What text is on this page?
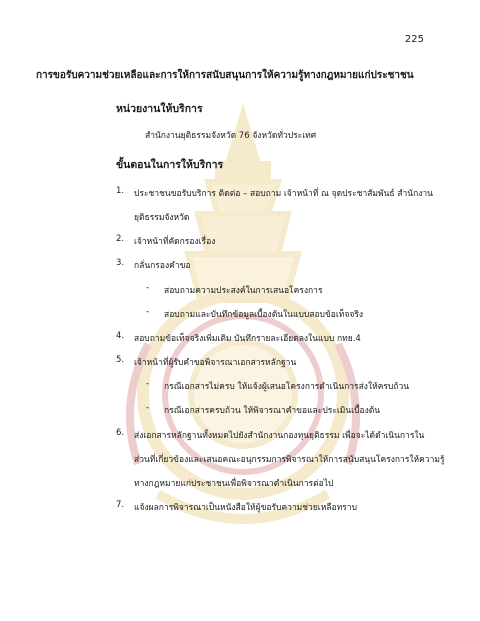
225
การขอรับความช่วยเหลือและการให้การสนับสนุนการให้ความรู้ทางกฎหมายแก่ประชาชน
หน่วยงานให้บริการ
สำนักงานยุติธรรมจังหวัด 76 จังหวัดทั่วประเทศ
ขั้นตอนในการให้บริการ
1. ประชาชนขอรับบริการ ติดต่อ – สอบถาม เจ้าหน้าที่ ณ จุดประชาสัมพันธ์ สำนักงาน
ยุติธรรมจังหวัด
2. เจ้าหน้าที่คัดกรองเรื่อง
3. กลั่นกรองคำขอ
- สอบถามความประสงค์ในการเสนอโครงการ
- สอบถามและบันทึกข้อมูลเบื้องต้นในแบบสอบข้อเท็จจริง
4. สอบถามข้อเท็จจริงเพิ่มเติม บันทึกรายละเอียดลงในแบบ กทย.4
5. เจ้าหน้าที่ผู้รับคำขอพิจารณาเอกสารหลักฐาน
- กรณีเอกสารไม่ครบ ให้แจ้งผู้เสนอโครงการดำเนินการส่งให้ครบถ้วน
- กรณีเอกสารครบถ้วน ให้พิจารณาคำขอและประเมินเบื้องต้น
6. ส่งเอกสารหลักฐานทั้งหมดไปยังสำนักงานกองทุนยุติธรรม เพื่อจะได้ดำเนินการใน
ส่วนที่เกี่ยวข้องและเสนอคณะอนุกรรมการพิจารณาให้การสนับสนุนโครงการให้ความรู้
ทางกฎหมายแก่ประชาชนเพื่อพิจารณาดำเนินการต่อไป
7. แจ้งผลการพิจารณาเป็นหนังสือให้ผู้ขอรับความช่วยเหลือทราบ
